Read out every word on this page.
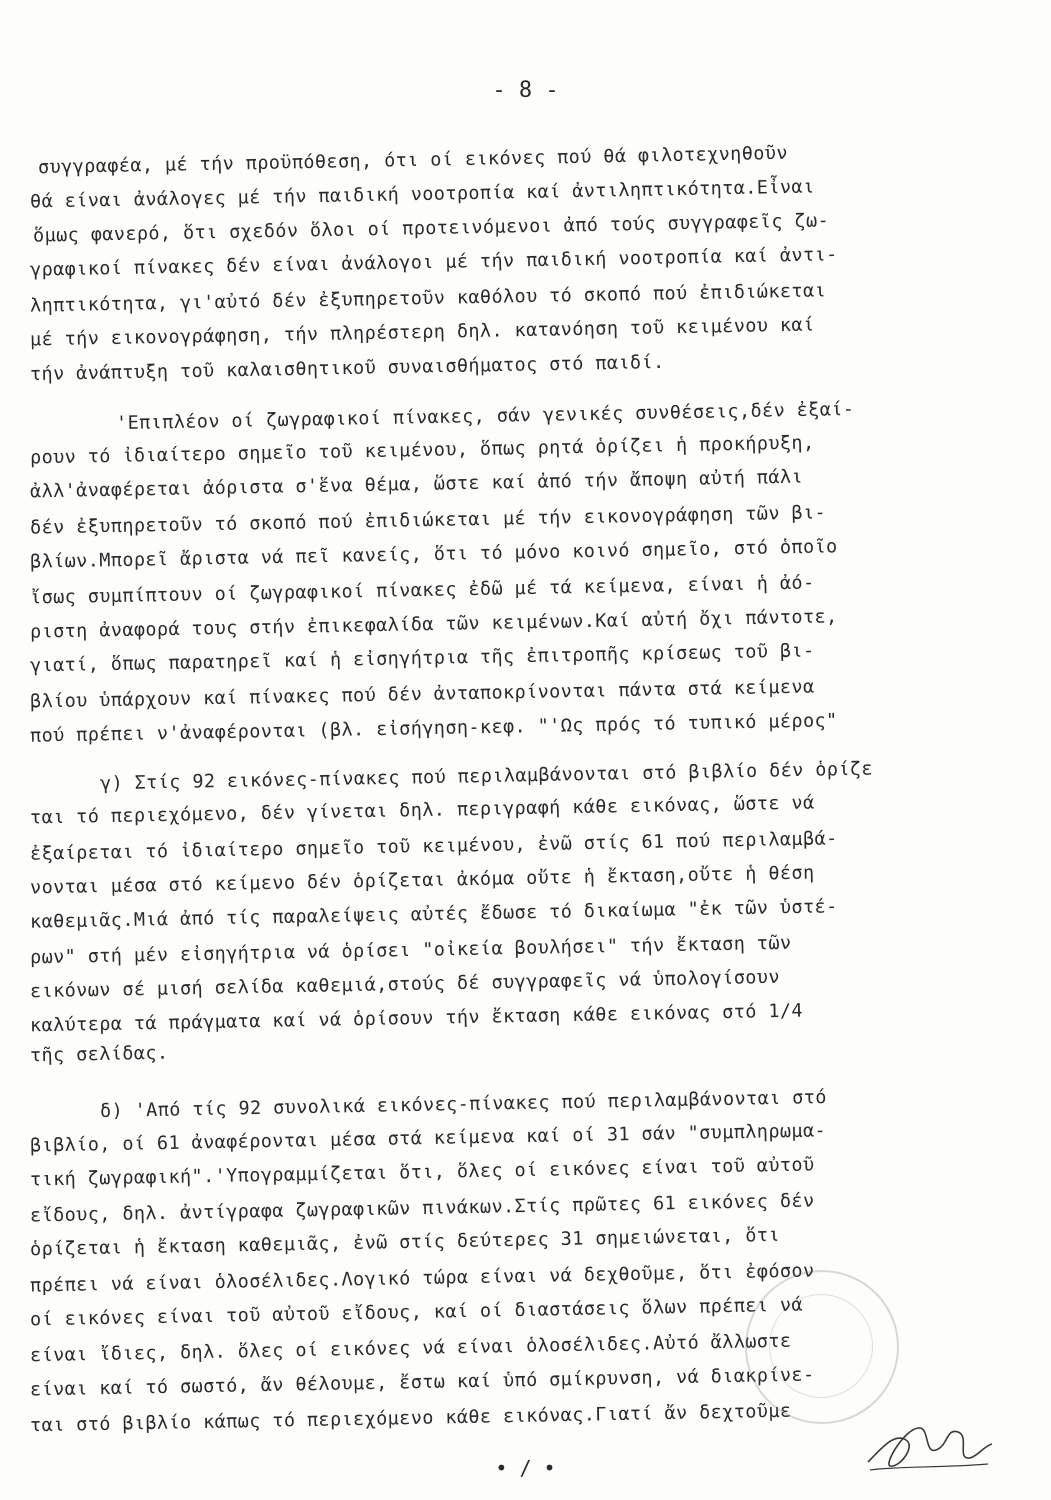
- 8 -
συγγραφέα, μέ τήν προϋπόθεση, ότι οί εικόνες πού θά φιλοτεχνηθοῦν
θά είναι ἀνάλογες μέ τήν παιδική νοοτροπία καί ἀντιληπτικότητα.Εἶναι
ὅμως φανερό, ὅτι σχεδόν ὅλοι οί προτεινόμενοι ἀπό τούς συγγραφεῖς ζω-
γραφικοί πίνακες δέν είναι ἀνάλογοι μέ τήν παιδική νοοτροπία καί ἀντι-
ληπτικότητα, γι'αὐτό δέν ἐξυπηρετοῦν καθόλου τό σκοπό πού ἐπιδιώκεται
μέ τήν εικονογράφηση, τήν πληρέστερη δηλ. κατανόηση τοῦ κειμένου καί
τήν ἀνάπτυξη τοῦ καλαισθητικοῦ συναισθήματος στό παιδί.
'Επιπλέον οί ζωγραφικοί πίνακες, σάν γενικές συνθέσεις,δέν ἐξαί-
ρουν τό ἰδιαίτερο σημεῖο τοῦ κειμένου, ὅπως ρητά ὁρίζει ἡ προκήρυξη,
ἀλλ'ἀναφέρεται ἀόριστα σ'ἕνα θέμα, ὥστε καί ἀπό τήν ἄποψη αὐτή πάλι
δέν ἐξυπηρετοῦν τό σκοπό πού ἐπιδιώκεται μέ τήν εικονογράφηση τῶν βι-
βλίων.Μπορεῖ ἄριστα νά πεῖ κανείς, ὅτι τό μόνο κοινό σημεῖο, στό ὁποῖο
ἴσως συμπίπτουν οί ζωγραφικοί πίνακες ἐδῶ μέ τά κείμενα, είναι ἡ ἀό-
ριστη ἀναφορά τους στήν ἐπικεφαλίδα τῶν κειμένων.Καί αὐτή ὄχι πάντοτε,
γιατί, ὅπως παρατηρεῖ καί ἡ εἰσηγήτρια τῆς ἐπιτροπῆς κρίσεως τοῦ βι-
βλίου ὑπάρχουν καί πίνακες πού δέν ἀνταποκρίνονται πάντα στά κείμενα
πού πρέπει ν'ἀναφέρονται (βλ. εἰσήγηση-κεφ. "'Ως πρός τό τυπικό μέρος"
γ) Στίς 92 εικόνες-πίνακες πού περιλαμβάνονται στό βιβλίο δέν ὁρίζε
ται τό περιεχόμενο, δέν γίνεται δηλ. περιγραφή κάθε εικόνας, ὥστε νά
ἐξαίρεται τό ἰδιαίτερο σημεῖο τοῦ κειμένου, ἐνῶ στίς 61 πού περιλαμβά-
νονται μέσα στό κείμενο δέν ὁρίζεται ἀκόμα οὔτε ἡ ἔκταση,οὔτε ἡ θέση
καθεμιᾶς.Μιά ἀπό τίς παραλείψεις αὐτές ἔδωσε τό δικαίωμα "ἐκ τῶν ὑστέ-
ρων" στή μέν εἰσηγήτρια νά ὁρίσει "οἰκεία βουλήσει" τήν ἔκταση τῶν
εικόνων σέ μισή σελίδα καθεμιά,στούς δέ συγγραφεῖς νά ὑπολογίσουν
καλύτερα τά πράγματα καί νά ὁρίσουν τήν ἔκταση κάθε εικόνας στό 1/4
τῆς σελίδας.
δ) 'Από τίς 92 συνολικά εικόνες-πίνακες πού περιλαμβάνονται στό
βιβλίο, οί 61 ἀναφέρονται μέσα στά κείμενα καί οί 31 σάν "συμπληρωμα-
τική ζωγραφική".'Υπογραμμίζεται ὅτι, ὅλες οί εικόνες είναι τοῦ αὐτοῦ
εἴδους, δηλ. ἀντίγραφα ζωγραφικῶν πινάκων.Στίς πρῶτες 61 εικόνες δέν
ὁρίζεται ἡ ἔκταση καθεμιᾶς, ἐνῶ στίς δεύτερες 31 σημειώνεται, ὅτι
πρέπει νά είναι ὁλοσέλιδες.Λογικό τώρα είναι νά δεχθοῦμε, ὅτι ἐφόσον
οί εικόνες είναι τοῦ αὐτοῦ εἴδους, καί οί διαστάσεις ὅλων πρέπει νά
είναι ἴδιες, δηλ. ὅλες οί εικόνες νά είναι ὁλοσέλιδες.Αὐτό ἄλλωστε
είναι καί τό σωστό, ἄν θέλουμε, ἔστω καί ὑπό σμίκρυνση, νά διακρίνε-
ται στό βιβλίο κάπως τό περιεχόμενο κάθε εικόνας.Γιατί ἄν δεχτοῦμε
• / •
